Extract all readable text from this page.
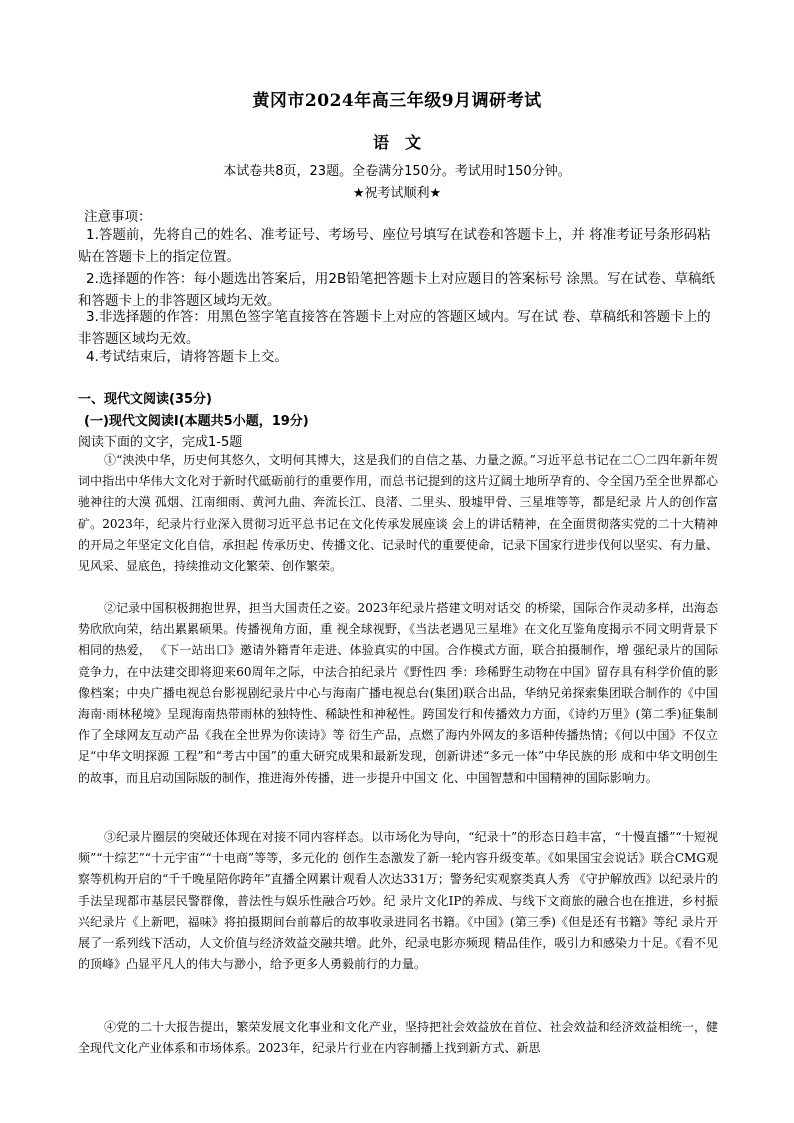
黄冈市2024年高三年级9月调研考试
语　文
本试卷共8页，23题。全卷满分150分。考试用时150分钟。
★祝考试顺利★
注意事项：
1.答题前，先将自己的姓名、准考证号、考场号、座位号填写在试卷和答题卡上，并 将准考证号条形码粘贴在答题卡上的指定位置。
2.选择题的作答：每小题选出答案后，用2B铅笔把答题卡上对应题目的答案标号 涂黑。写在试卷、草稿纸和答题卡上的非答题区域均无效。
3.非选择题的作答：用黑色签字笔直接答在答题卡上对应的答题区域内。写在试 卷、草稿纸和答题卡上的非答题区域均无效。
4.考试结束后，请将答题卡上交。
一、现代文阅读(35分)
(一)现代文阅读I(本题共5小题，19分)
阅读下面的文字，完成1-5题
①“泱泱中华，历史何其悠久，文明何其博大，这是我们的自信之基、力量之源。”习近平总书记在二〇二四年新年贺词中指出中华伟大文化对于新时代砥砺前行的重要作用，而总书记提到的这片辽阔土地所孕育的、令全国乃至全世界都心驰神往的大漠 孤烟、江南细雨、黄河九曲、奔流长江、良渚、二里头、殷墟甲骨、三星堆等等，都是纪录 片人的创作富矿。2023年，纪录片行业深入贯彻习近平总书记在文化传承发展座谈 会上的讲话精神，在全面贯彻落实党的二十大精神的开局之年坚定文化自信，承担起 传承历史、传播文化、记录时代的重要使命，记录下国家行进步伐何以坚实、有力量、见风采、显底色，持续推动文化繁荣、创作繁荣。
②记录中国积极拥抱世界，担当大国责任之姿。2023年纪录片搭建文明对话交 的桥梁，国际合作灵动多样，出海态势欣欣向荣，结出累累硕果。传播视角方面，重 视全球视野，《当法老遇见三星堆》在文化互鉴角度揭示不同文明背景下相同的热爱， 《下一站出口》邀请外籍青年走进、体验真实的中国。合作模式方面，联合拍摄制作，增 强纪录片的国际竞争力，在中法建交即将迎来60周年之际，中法合拍纪录片《野性四 季：珍稀野生动物在中国》留存具有科学价值的影像档案；中央广播电视总台影视剧纪录片中心与海南广播电视总台(集团)联合出品，华纳兄弟探索集团联合制作的《中国 海南·雨林秘境》呈现海南热带雨林的独特性、稀缺性和神秘性。跨国发行和传播效力方面，《诗约万里》(第二季)征集制作了全球网友互动产品《我在全世界为你读诗》等 衍生产品，点燃了海内外网友的多语种传播热情；《何以中国》不仅立足“中华文明探源 工程”和“考古中国”的重大研究成果和最新发现，创新讲述“多元一体”中华民族的形 成和中华文明创生的故事，而且启动国际版的制作，推进海外传播，进一步提升中国文 化、中国智慧和中国精神的国际影响力。
③纪录片圈层的突破还体现在对接不同内容样态。以市场化为导向，“纪录十”的形态日趋丰富，“十慢直播”“十短视频”“十综艺”“十元宇宙”“十电商”等等，多元化的 创作生态激发了新一轮内容升级变革。《如果国宝会说话》联合CMG观察等机构开启的“千千晚星陪你跨年”直播全网累计观看人次达331万；警务纪实观察类真人秀 《守护解放西》以纪录片的手法呈现都市基层民警群像，普法性与娱乐性融合巧妙。纪 录片文化IP的养成、与线下文商旅的融合也在推进，乡村振兴纪录片《上新吧，福味》将拍摄期间台前幕后的故事收录进同名书籍。《中国》(第三季)《但是还有书籍》等纪 录片开展了一系列线下活动，人文价值与经济效益交融共增。此外，纪录电影亦频现 精品佳作，吸引力和感染力十足。《看不见的顶峰》凸显平凡人的伟大与渺小，给予更多人勇毅前行的力量。
④党的二十大报告提出，繁荣发展文化事业和文化产业，坚持把社会效益放在首位、社会效益和经济效益相统一，健全现代文化产业体系和市场体系。2023年，纪录片行业在内容制播上找到新方式、新思
